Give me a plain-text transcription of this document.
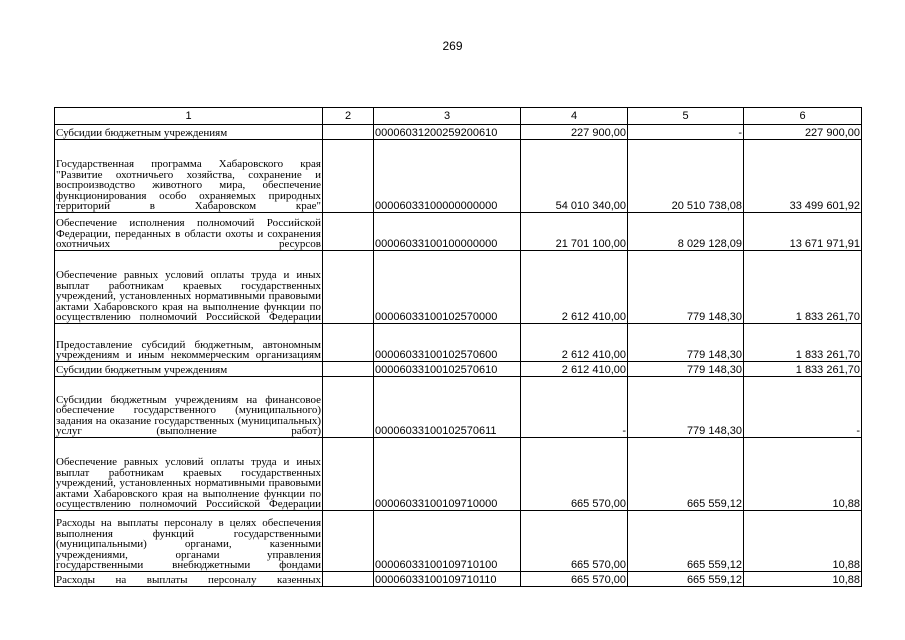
269
1	2	3	4	5	6
Субсидии бюджетным учреждениям		00006031200259200610	227 900,00	-	227 900,00
Государственная программа Хабаровского края "Развитие охотничьего хозяйства, сохранение и воспроизводство животного мира, обеспечение функционирования особо охраняемых природных территорий в Хабаровском крае"		00006033100000000000	54 010 340,00	20 510 738,08	33 499 601,92
Обеспечение исполнения полномочий Российской Федерации, переданных в области охоты и сохранения охотничьих ресурсов		00006033100100000000	21 701 100,00	8 029 128,09	13 671 971,91
Обеспечение равных условий оплаты труда и иных выплат работникам краевых государственных учреждений, установленных нормативными правовыми актами Хабаровского края на выполнение функции по осуществлению полномочий Российской Федерации		00006033100102570000	2 612 410,00	779 148,30	1 833 261,70
Предоставление субсидий бюджетным, автономным учреждениям и иным некоммерческим организациям		00006033100102570600	2 612 410,00	779 148,30	1 833 261,70
Субсидии бюджетным учреждениям		00006033100102570610	2 612 410,00	779 148,30	1 833 261,70
Субсидии бюджетным учреждениям на финансовое обеспечение государственного (муниципального) задания на оказание государственных (муниципальных) услуг (выполнение работ)		00006033100102570611	-	779 148,30	-
Обеспечение равных условий оплаты труда и иных выплат работникам краевых государственных учреждений, установленных нормативными правовыми актами Хабаровского края на выполнение функции по осуществлению полномочий Российской Федерации		00006033100109710000	665 570,00	665 559,12	10,88
Расходы на выплаты персоналу в целях обеспечения выполнения функций государственными (муниципальными) органами, казенными учреждениями, органами управления государственными внебюджетными фондами		00006033100109710100	665 570,00	665 559,12	10,88
Расходы на выплаты персоналу казенных		00006033100109710110	665 570,00	665 559,12	10,88
